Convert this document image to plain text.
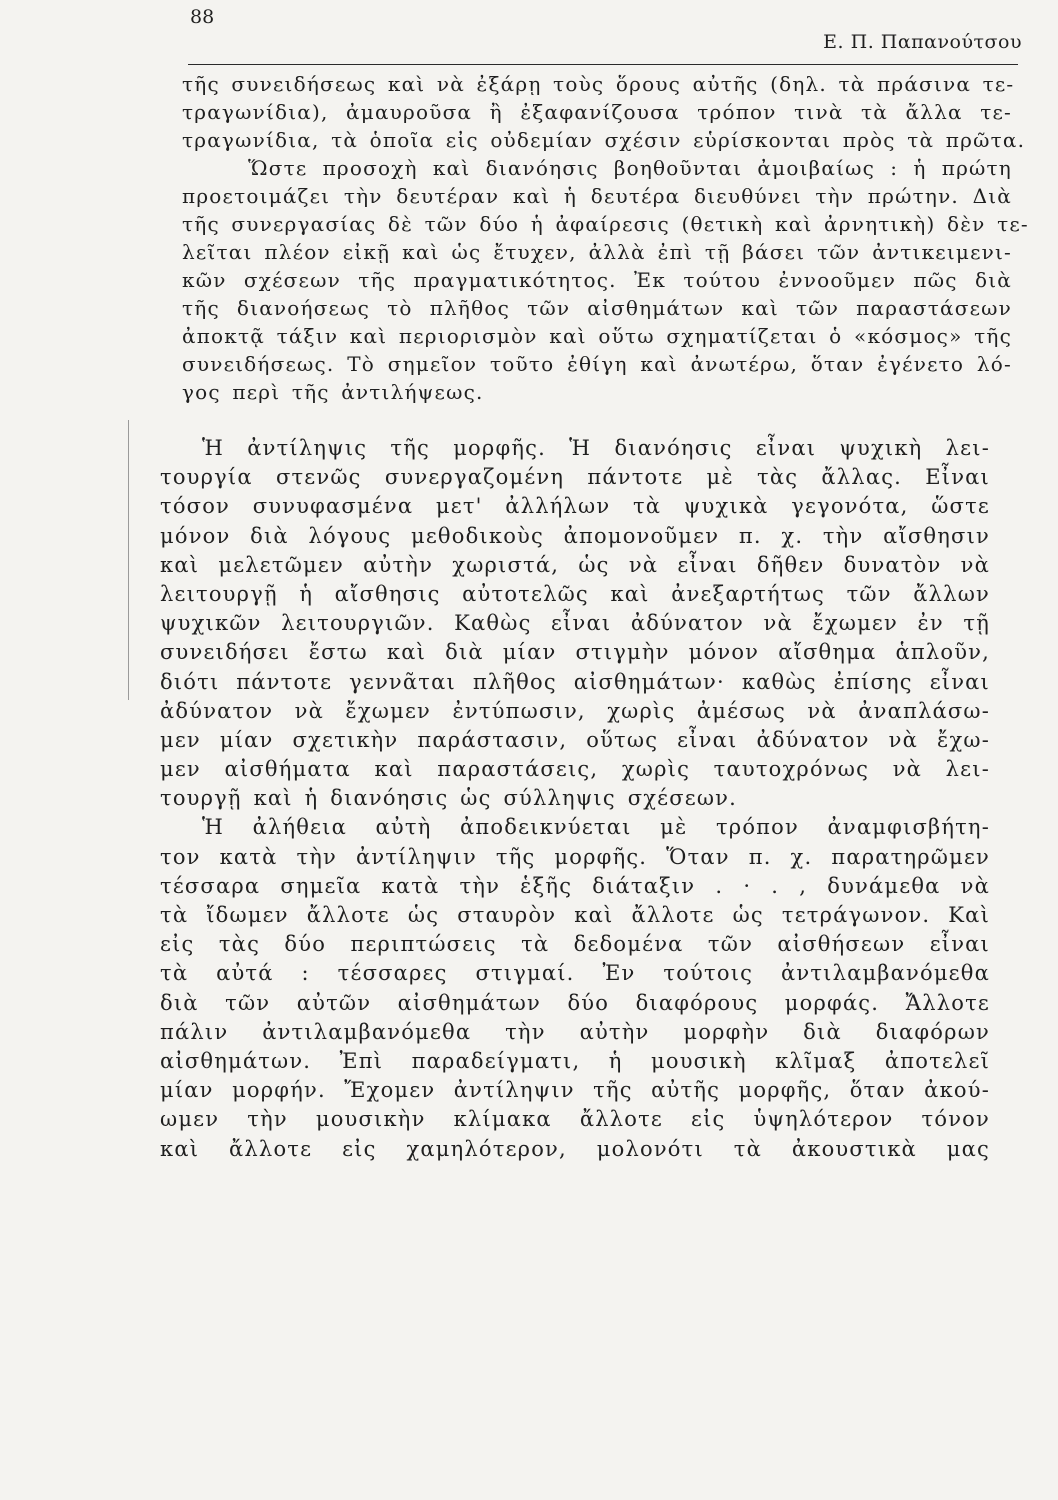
88
Ε. Π. Παπανούτσου
τῆς συνειδήσεως καὶ νὰ ἐξάρῃ τοὺς ὅρους αὐτῆς (δηλ. τὰ πράσινα τε-
τραγωνίδια), ἀμαυροῦσα ἢ ἐξαφανίζουσα τρόπον τινὰ τὰ ἄλλα τε-
τραγωνίδια, τὰ ὁποῖα εἰς οὐδεμίαν σχέσιν εὑρίσκονται πρὸς τὰ πρῶτα.
Ὥστε προσοχὴ καὶ διανόησις βοηθοῦνται ἀμοιβαίως : ἡ πρώτη
προετοιμάζει τὴν δευτέραν καὶ ἡ δευτέρα διευθύνει τὴν πρώτην. Διὰ
τῆς συνεργασίας δὲ τῶν δύο ἡ ἀφαίρεσις (θετικὴ καὶ ἀρνητικὴ) δὲν τε-
λεῖται πλέον εἰκῇ καὶ ὡς ἔτυχεν, ἀλλὰ ἐπὶ τῇ βάσει τῶν ἀντικειμενι-
κῶν σχέσεων τῆς πραγματικότητος. Ἐκ τούτου ἐννοοῦμεν πῶς διὰ
τῆς διανοήσεως τὸ πλῆθος τῶν αἰσθημάτων καὶ τῶν παραστάσεων
ἀποκτᾷ τάξιν καὶ περιορισμὸν καὶ οὕτω σχηματίζεται ὁ «κόσμος» τῆς
συνειδήσεως. Τὸ σημεῖον τοῦτο ἐθίγη καὶ ἀνωτέρω, ὅταν ἐγένετο λό-
γος περὶ τῆς ἀντιλήψεως.
Ἡ ἀντίληψις τῆς μορφῆς. Ἡ διανόησις εἶναι ψυχικὴ λει-
τουργία στενῶς συνεργαζομένη πάντοτε μὲ τὰς ἄλλας. Εἶναι
τόσον συνυφασμένα μετ' ἀλλήλων τὰ ψυχικὰ γεγονότα, ὥστε
μόνον διὰ λόγους μεθοδικοὺς ἀπομονοῦμεν π. χ. τὴν αἴσθησιν
καὶ μελετῶμεν αὐτὴν χωριστά, ὡς νὰ εἶναι δῆθεν δυνατὸν νὰ
λειτουργῇ ἡ αἴσθησις αὐτοτελῶς καὶ ἀνεξαρτήτως τῶν ἄλλων
ψυχικῶν λειτουργιῶν. Καθὼς εἶναι ἀδύνατον νὰ ἔχωμεν ἐν τῇ
συνειδήσει ἔστω καὶ διὰ μίαν στιγμὴν μόνον αἴσθημα ἁπλοῦν,
διότι πάντοτε γεννᾶται πλῆθος αἰσθημάτων· καθὼς ἐπίσης εἶναι
ἀδύνατον νὰ ἔχωμεν ἐντύπωσιν, χωρὶς ἀμέσως νὰ ἀναπλάσω-
μεν μίαν σχετικὴν παράστασιν, οὕτως εἶναι ἀδύνατον νὰ ἔχω-
μεν αἰσθήματα καὶ παραστάσεις, χωρὶς ταυτοχρόνως νὰ λει-
τουργῇ καὶ ἡ διανόησις ὡς σύλληψις σχέσεων.
Ἡ ἀλήθεια αὐτὴ ἀποδεικνύεται μὲ τρόπον ἀναμφισβήτη-
τον κατὰ τὴν ἀντίληψιν τῆς μορφῆς. Ὅταν π. χ. παρατηρῶμεν
τέσσαρα σημεῖα κατὰ τὴν ἑξῆς διάταξιν . · . , δυνάμεθα νὰ
τὰ ἴδωμεν ἄλλοτε ὡς σταυρὸν καὶ ἄλλοτε ὡς τετράγωνον. Καὶ
εἰς τὰς δύο περιπτώσεις τὰ δεδομένα τῶν αἰσθήσεων εἶναι
τὰ αὐτά : τέσσαρες στιγμαί. Ἐν τούτοις ἀντιλαμβανόμεθα
διὰ τῶν αὐτῶν αἰσθημάτων δύο διαφόρους μορφάς. Ἄλλοτε
πάλιν ἀντιλαμβανόμεθα τὴν αὐτὴν μορφὴν διὰ διαφόρων
αἰσθημάτων. Ἐπὶ παραδείγματι, ἡ μουσικὴ κλῖμαξ ἀποτελεῖ
μίαν μορφήν. Ἔχομεν ἀντίληψιν τῆς αὐτῆς μορφῆς, ὅταν ἀκού-
ωμεν τὴν μουσικὴν κλίμακα ἄλλοτε εἰς ὑψηλότερον τόνον
καὶ ἄλλοτε εἰς χαμηλότερον, μολονότι τὰ ἀκουστικὰ μας
